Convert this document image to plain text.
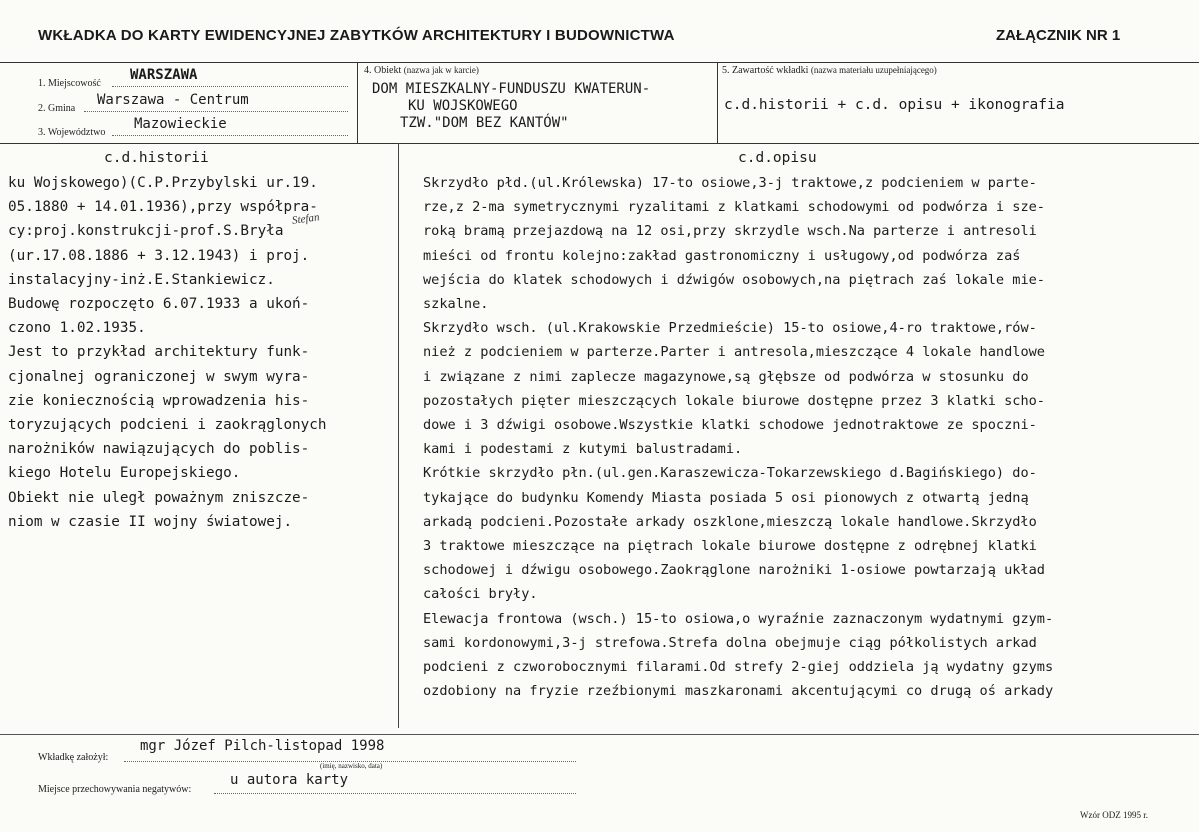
WKŁADKA DO KARTY EWIDENCYJNEJ ZABYTKÓW ARCHITEKTURY I BUDOWNICTWA	ZAŁĄCZNIK NR 1
1. Miejscowość
WARSZAWA
2. Gmina
Warszawa - Centrum
3. Województwo
Mazowieckie
4. Obiekt (nazwa jak w karcie)
DOM MIESZKALNY-FUNDUSZU KWATERUN-
KU WOJSKOWEGO
TZW."DOM BEZ KANTÓW"
5. Zawartość wkładki (nazwa materiału uzupełniającego)
c.d.historii + c.d. opisu + ikonografia
c.d.historii
Stefan
ku Wojskowego)(C.P.Przybylski ur.19.
05.1880 + 14.01.1936),przy współpra-
cy:proj.konstrukcji-prof.S.Bryła
(ur.17.08.1886 + 3.12.1943) i proj.
instalacyjny-inż.E.Stankiewicz.
Budowę rozpoczęto 6.07.1933 a ukoń-
czono 1.02.1935.
Jest to przykład architektury funk-
cjonalnej ograniczonej w swym wyra-
zie koniecznością wprowadzenia his-
toryzujących podcieni i zaokrąglonych
narożników nawiązujących do poblis-
kiego Hotelu Europejskiego.
Obiekt nie uległ poważnym zniszcze-
niom w czasie II wojny światowej.
c.d.opisu
Skrzydło płd.(ul.Królewska) 17-to osiowe,3-j traktowe,z podcieniem w parte-
rze,z 2-ma symetrycznymi ryzalitami z klatkami schodowymi od podwórza i sze-
roką bramą przejazdową na 12 osi,przy skrzydle wsch.Na parterze i antresoli
mieści od frontu kolejno:zakład gastronomiczny i usługowy,od podwórza zaś
wejścia do klatek schodowych i dźwigów osobowych,na piętrach zaś lokale mie-
szkalne.
Skrzydło wsch. (ul.Krakowskie Przedmieście) 15-to osiowe,4-ro traktowe,rów-
nież z podcieniem w parterze.Parter i antresola,mieszczące 4 lokale handlowe
i związane z nimi zaplecze magazynowe,są głębsze od podwórza w stosunku do
pozostałych pięter mieszczących lokale biurowe dostępne przez 3 klatki scho-
dowe i 3 dźwigi osobowe.Wszystkie klatki schodowe jednotraktowe ze spoczni-
kami i podestami z kutymi balustradami.
Krótkie skrzydło płn.(ul.gen.Karaszewicza-Tokarzewskiego d.Bagińskiego) do-
tykające do budynku Komendy Miasta posiada 5 osi pionowych z otwartą jedną
arkadą podcieni.Pozostałe arkady oszklone,mieszczą lokale handlowe.Skrzydło
3 traktowe mieszczące na piętrach lokale biurowe dostępne z odrębnej klatki
schodowej i dźwigu osobowego.Zaokrąglone narożniki 1-osiowe powtarzają układ
całości bryły.
Elewacja frontowa (wsch.) 15-to osiowa,o wyraźnie zaznaczonym wydatnymi gzym-
sami kordonowymi,3-j strefowa.Strefa dolna obejmuje ciąg półkolistych arkad
podcieni z czworobocznymi filarami.Od strefy 2-giej oddziela ją wydatny gzyms
ozdobiony na fryzie rzeźbionymi maszkaronami akcentującymi co drugą oś arkady
Wkładkę założył:
mgr Józef Pilch-listopad 1998
(imię, nazwisko, data)
Miejsce przechowywania negatywów:
u autora karty
Wzór ODZ 1995 r.
